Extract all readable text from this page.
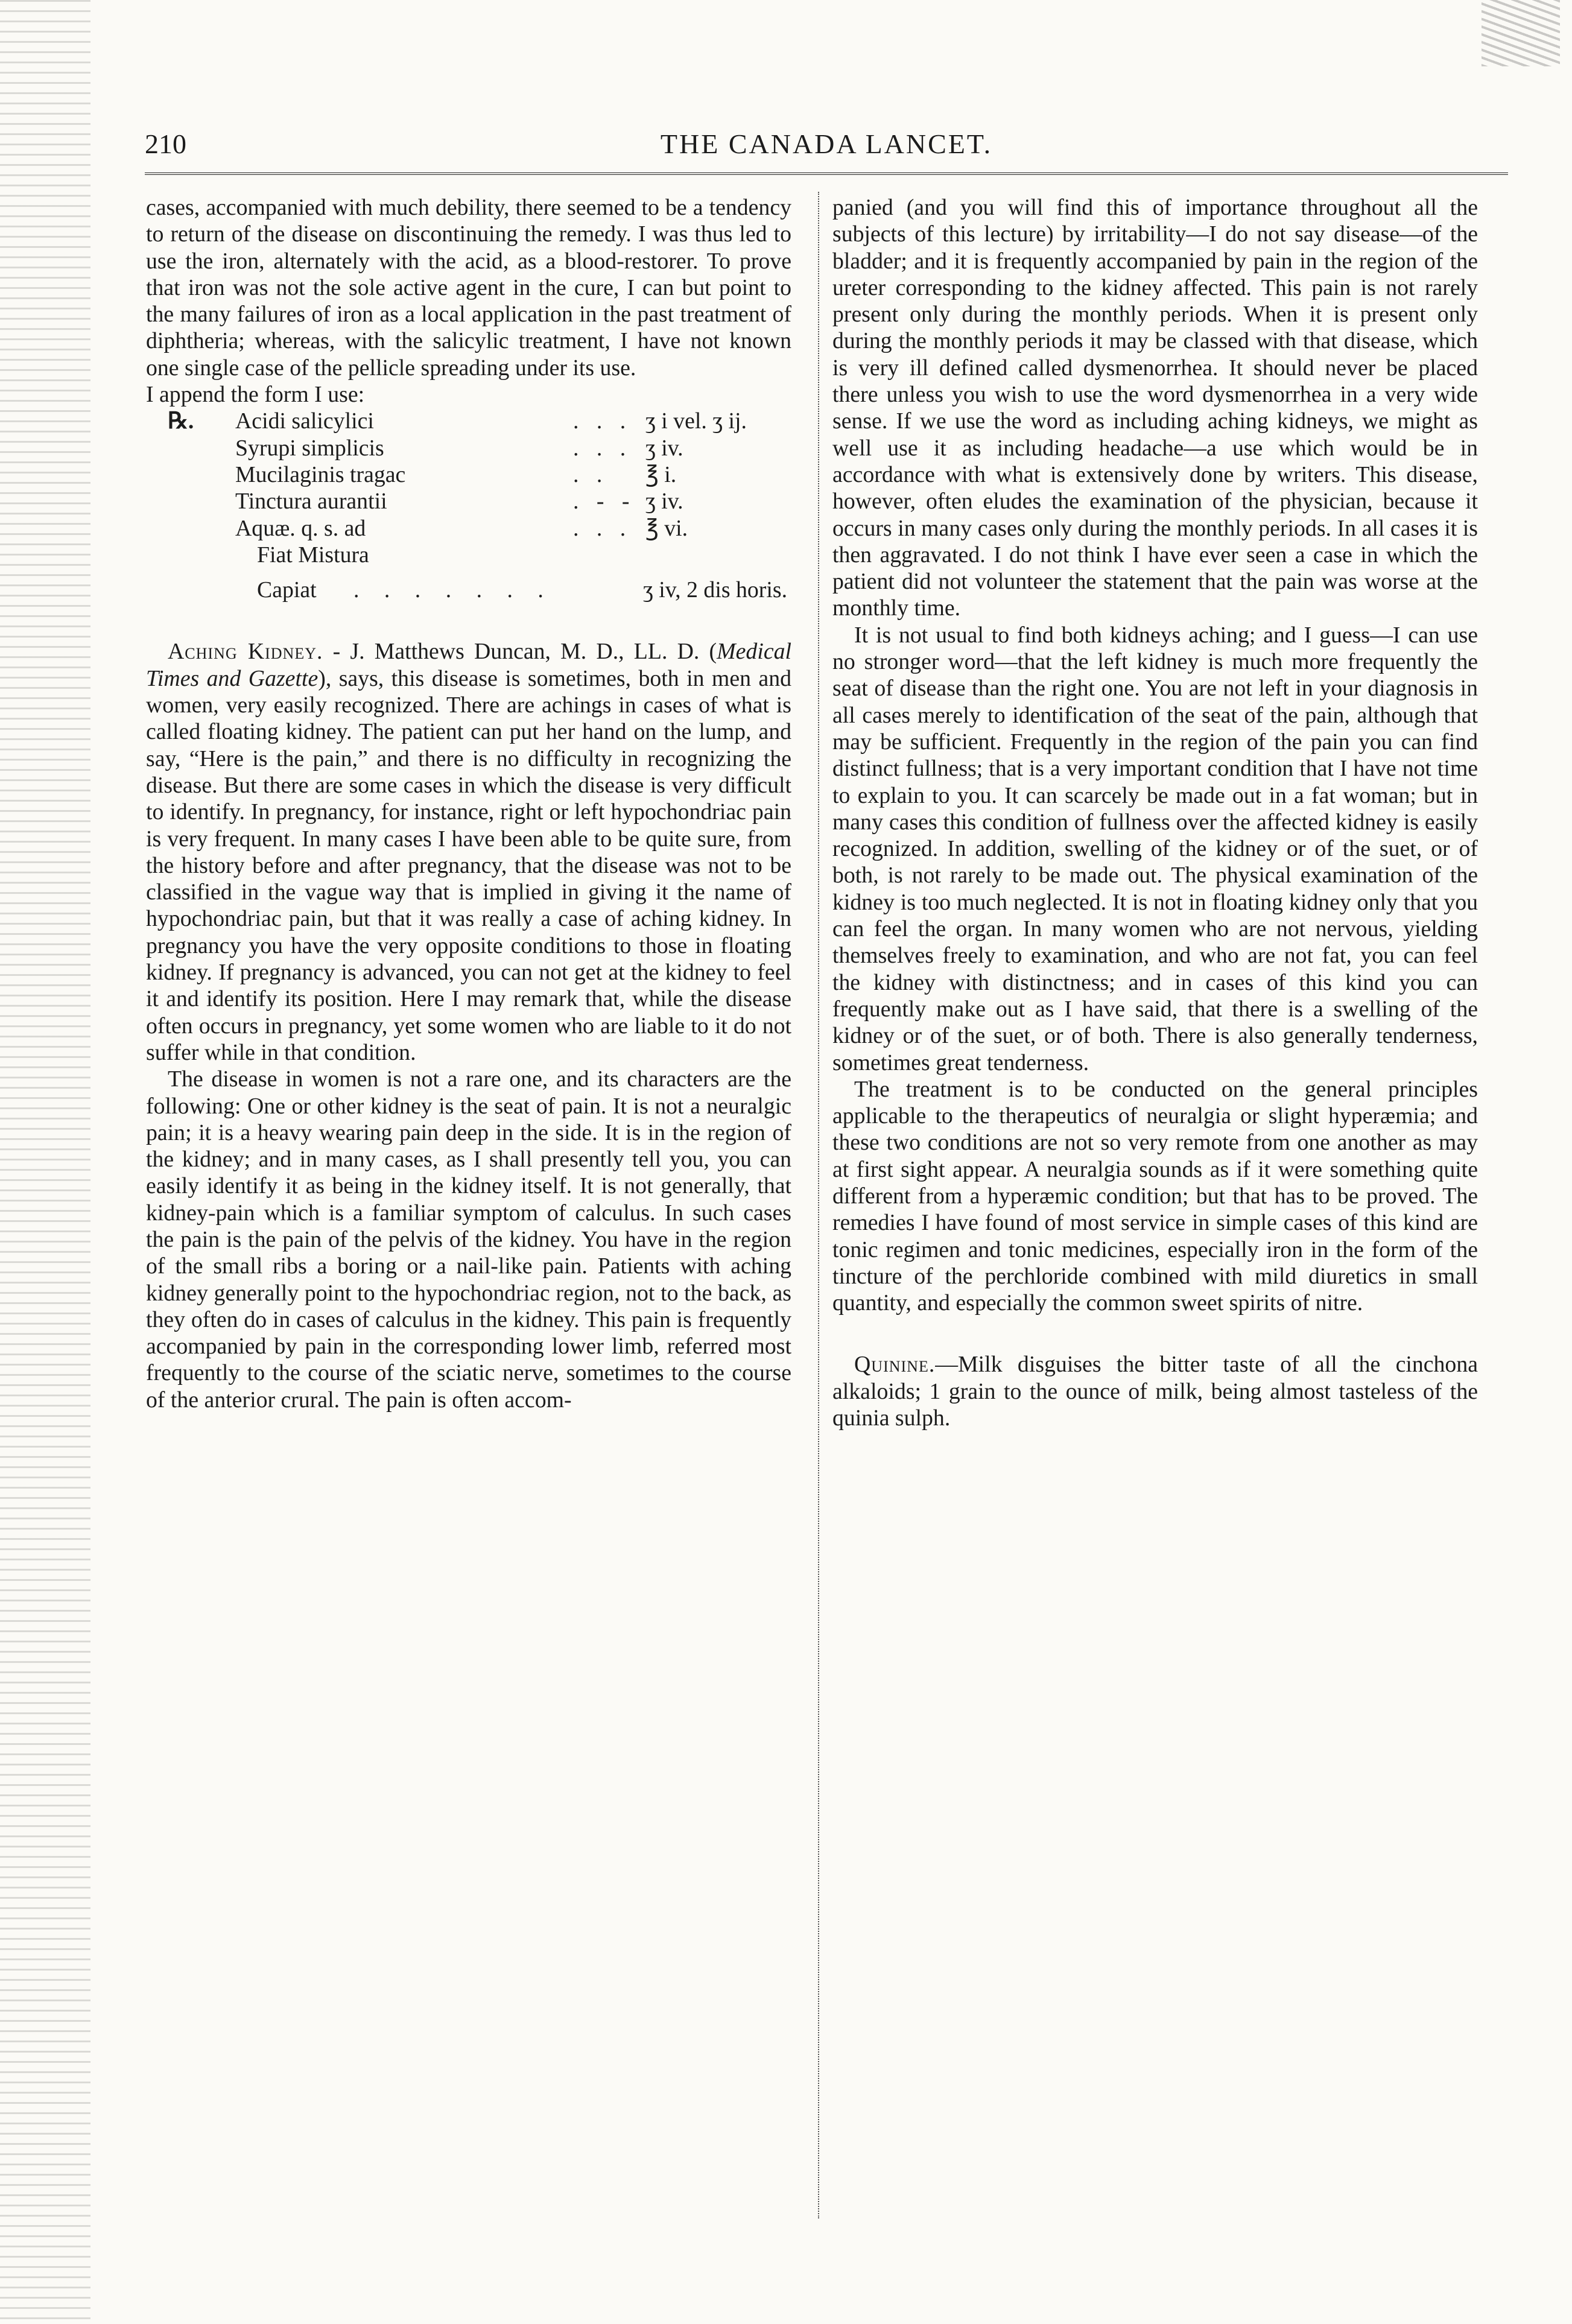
210	THE CANADA LANCET.

cases, accompanied with much debility, there seemed to be a tendency to return of the disease on discontinuing the remedy. I was thus led to use the iron, alternately with the acid, as a blood-restorer. To prove that iron was not the sole active agent in the cure, I can but point to the many failures of iron as a local application in the past treatment of diphtheria; whereas, with the salicylic treatment, I have not known one single case of the pellicle spreading under its use.

I append the form I use:

℞.	Acidi salicylici	. . . ʒ i vel. ʒ ij.
Syrupi simplicis	. . . ʒ iv.
Mucilaginis tragac	. .	℥ i.
Tinctura aurantii	. - - ʒ iv.
Aquæ. q. s. ad	. . . ℥ vi.
Fiat Mistura
Capiat	. . . . . . .	ʒ iv, 2 dis horis.

Aching Kidney. - J. Matthews Duncan, M. D., LL. D. (Medical Times and Gazette), says, this disease is sometimes, both in men and women, very easily recognized. There are achings in cases of what is called floating kidney. The patient can put her hand on the lump, and say, “Here is the pain,” and there is no difficulty in recognizing the disease. But there are some cases in which the disease is very difficult to identify. In pregnancy, for instance, right or left hypochondriac pain is very frequent. In many cases I have been able to be quite sure, from the history before and after pregnancy, that the disease was not to be classified in the vague way that is implied in giving it the name of hypochondriac pain, but that it was really a case of aching kidney. In pregnancy you have the very opposite conditions to those in floating kidney. If pregnancy is advanced, you can not get at the kidney to feel it and identify its position. Here I may remark that, while the disease often occurs in pregnancy, yet some women who are liable to it do not suffer while in that condition.

The disease in women is not a rare one, and its characters are the following: One or other kidney is the seat of pain. It is not a neuralgic pain; it is a heavy wearing pain deep in the side. It is in the region of the kidney; and in many cases, as I shall presently tell you, you can easily identify it as being in the kidney itself. It is not generally, that kidney-pain which is a familiar symptom of calculus. In such cases the pain is the pain of the pelvis of the kidney. You have in the region of the small ribs a boring or a nail-like pain. Patients with aching kidney generally point to the hypochondriac region, not to the back, as they often do in cases of calculus in the kidney. This pain is frequently accompanied by pain in the corresponding lower limb, referred most frequently to the course of the sciatic nerve, sometimes to the course of the anterior crural. The pain is often accom-

panied (and you will find this of importance throughout all the subjects of this lecture) by irritability—I do not say disease—of the bladder; and it is frequently accompanied by pain in the region of the ureter corresponding to the kidney affected. This pain is not rarely present only during the monthly periods. When it is present only during the monthly periods it may be classed with that disease, which is very ill defined called dysmenorrhea. It should never be placed there unless you wish to use the word dysmenorrhea in a very wide sense. If we use the word as including aching kidneys, we might as well use it as including headache—a use which would be in accordance with what is extensively done by writers. This disease, however, often eludes the examination of the physician, because it occurs in many cases only during the monthly periods. In all cases it is then aggravated. I do not think I have ever seen a case in which the patient did not volunteer the statement that the pain was worse at the monthly time.

It is not usual to find both kidneys aching; and I guess—I can use no stronger word—that the left kidney is much more frequently the seat of disease than the right one. You are not left in your diagnosis in all cases merely to identification of the seat of the pain, although that may be sufficient. Frequently in the region of the pain you can find distinct fullness; that is a very important condition that I have not time to explain to you. It can scarcely be made out in a fat woman; but in many cases this condition of fullness over the affected kidney is easily recognized. In addition, swelling of the kidney or of the suet, or of both, is not rarely to be made out. The physical examination of the kidney is too much neglected. It is not in floating kidney only that you can feel the organ. In many women who are not nervous, yielding themselves freely to examination, and who are not fat, you can feel the kidney with distinctness; and in cases of this kind you can frequently make out as I have said, that there is a swelling of the kidney or of the suet, or of both. There is also generally tenderness, sometimes great tenderness.

The treatment is to be conducted on the general principles applicable to the therapeutics of neuralgia or slight hyperæmia; and these two conditions are not so very remote from one another as may at first sight appear. A neuralgia sounds as if it were something quite different from a hyperæmic condition; but that has to be proved. The remedies I have found of most service in simple cases of this kind are tonic regimen and tonic medicines, especially iron in the form of the tincture of the perchloride combined with mild diuretics in small quantity, and especially the common sweet spirits of nitre.

Quinine.—Milk disguises the bitter taste of all the cinchona alkaloids; 1 grain to the ounce of milk, being almost tasteless of the quinia sulph.
